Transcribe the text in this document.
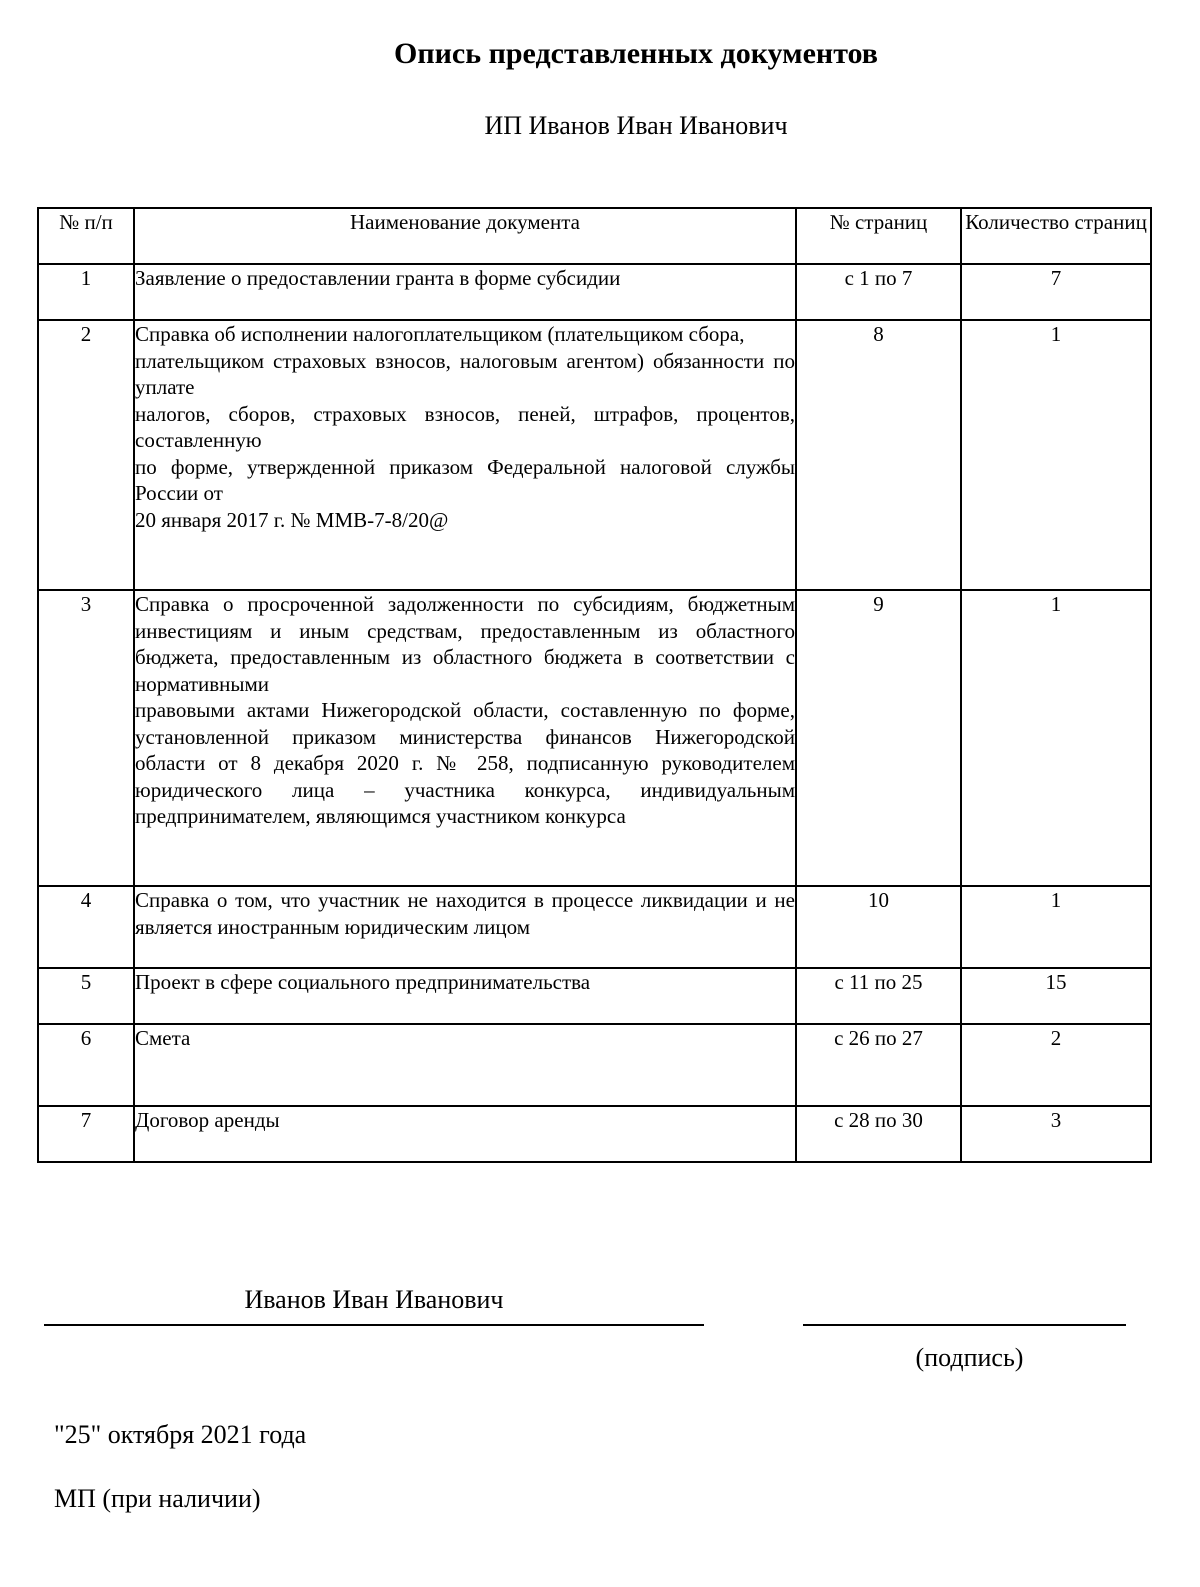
Опись представленных документов
ИП Иванов Иван Иванович
№ п/п	Наименование документа	№ страниц	Количество страниц
1	Заявление о предоставлении гранта в форме субсидии	с 1 по 7	7
2	Справка об исполнении налогоплательщиком (плательщиком сбора,
плательщиком страховых взносов, налоговым агентом) обязанности по уплате
налогов, сборов, страховых взносов, пеней, штрафов, процентов, составленную
по форме, утвержденной приказом Федеральной налоговой службы России от
20 января 2017 г. № ММВ-7-8/20@	8	1
3	Справка о просроченной задолженности по субсидиям, бюджетным инвестициям и иным средствам, предоставленным из областного бюджета, предоставленным из областного бюджета в соответствии с нормативными
правовыми актами Нижегородской области, составленную по форме, установленной приказом министерства финансов Нижегородской области от 8 декабря 2020 г. № 258, подписанную руководителем юридического лица – участника конкурса, индивидуальным предпринимателем, являющимся участником конкурса	9	1
4	Справка о том, что участник не находится в процессе ликвидации и не является иностранным юридическим лицом	10	1
5	Проект в сфере социального предпринимательства	с 11 по 25	15
6	Смета	с 26 по 27	2
7	Договор аренды	с 28 по 30	3
Иванов Иван Иванович
(подпись)
"25" октября 2021 года
МП (при наличии)
